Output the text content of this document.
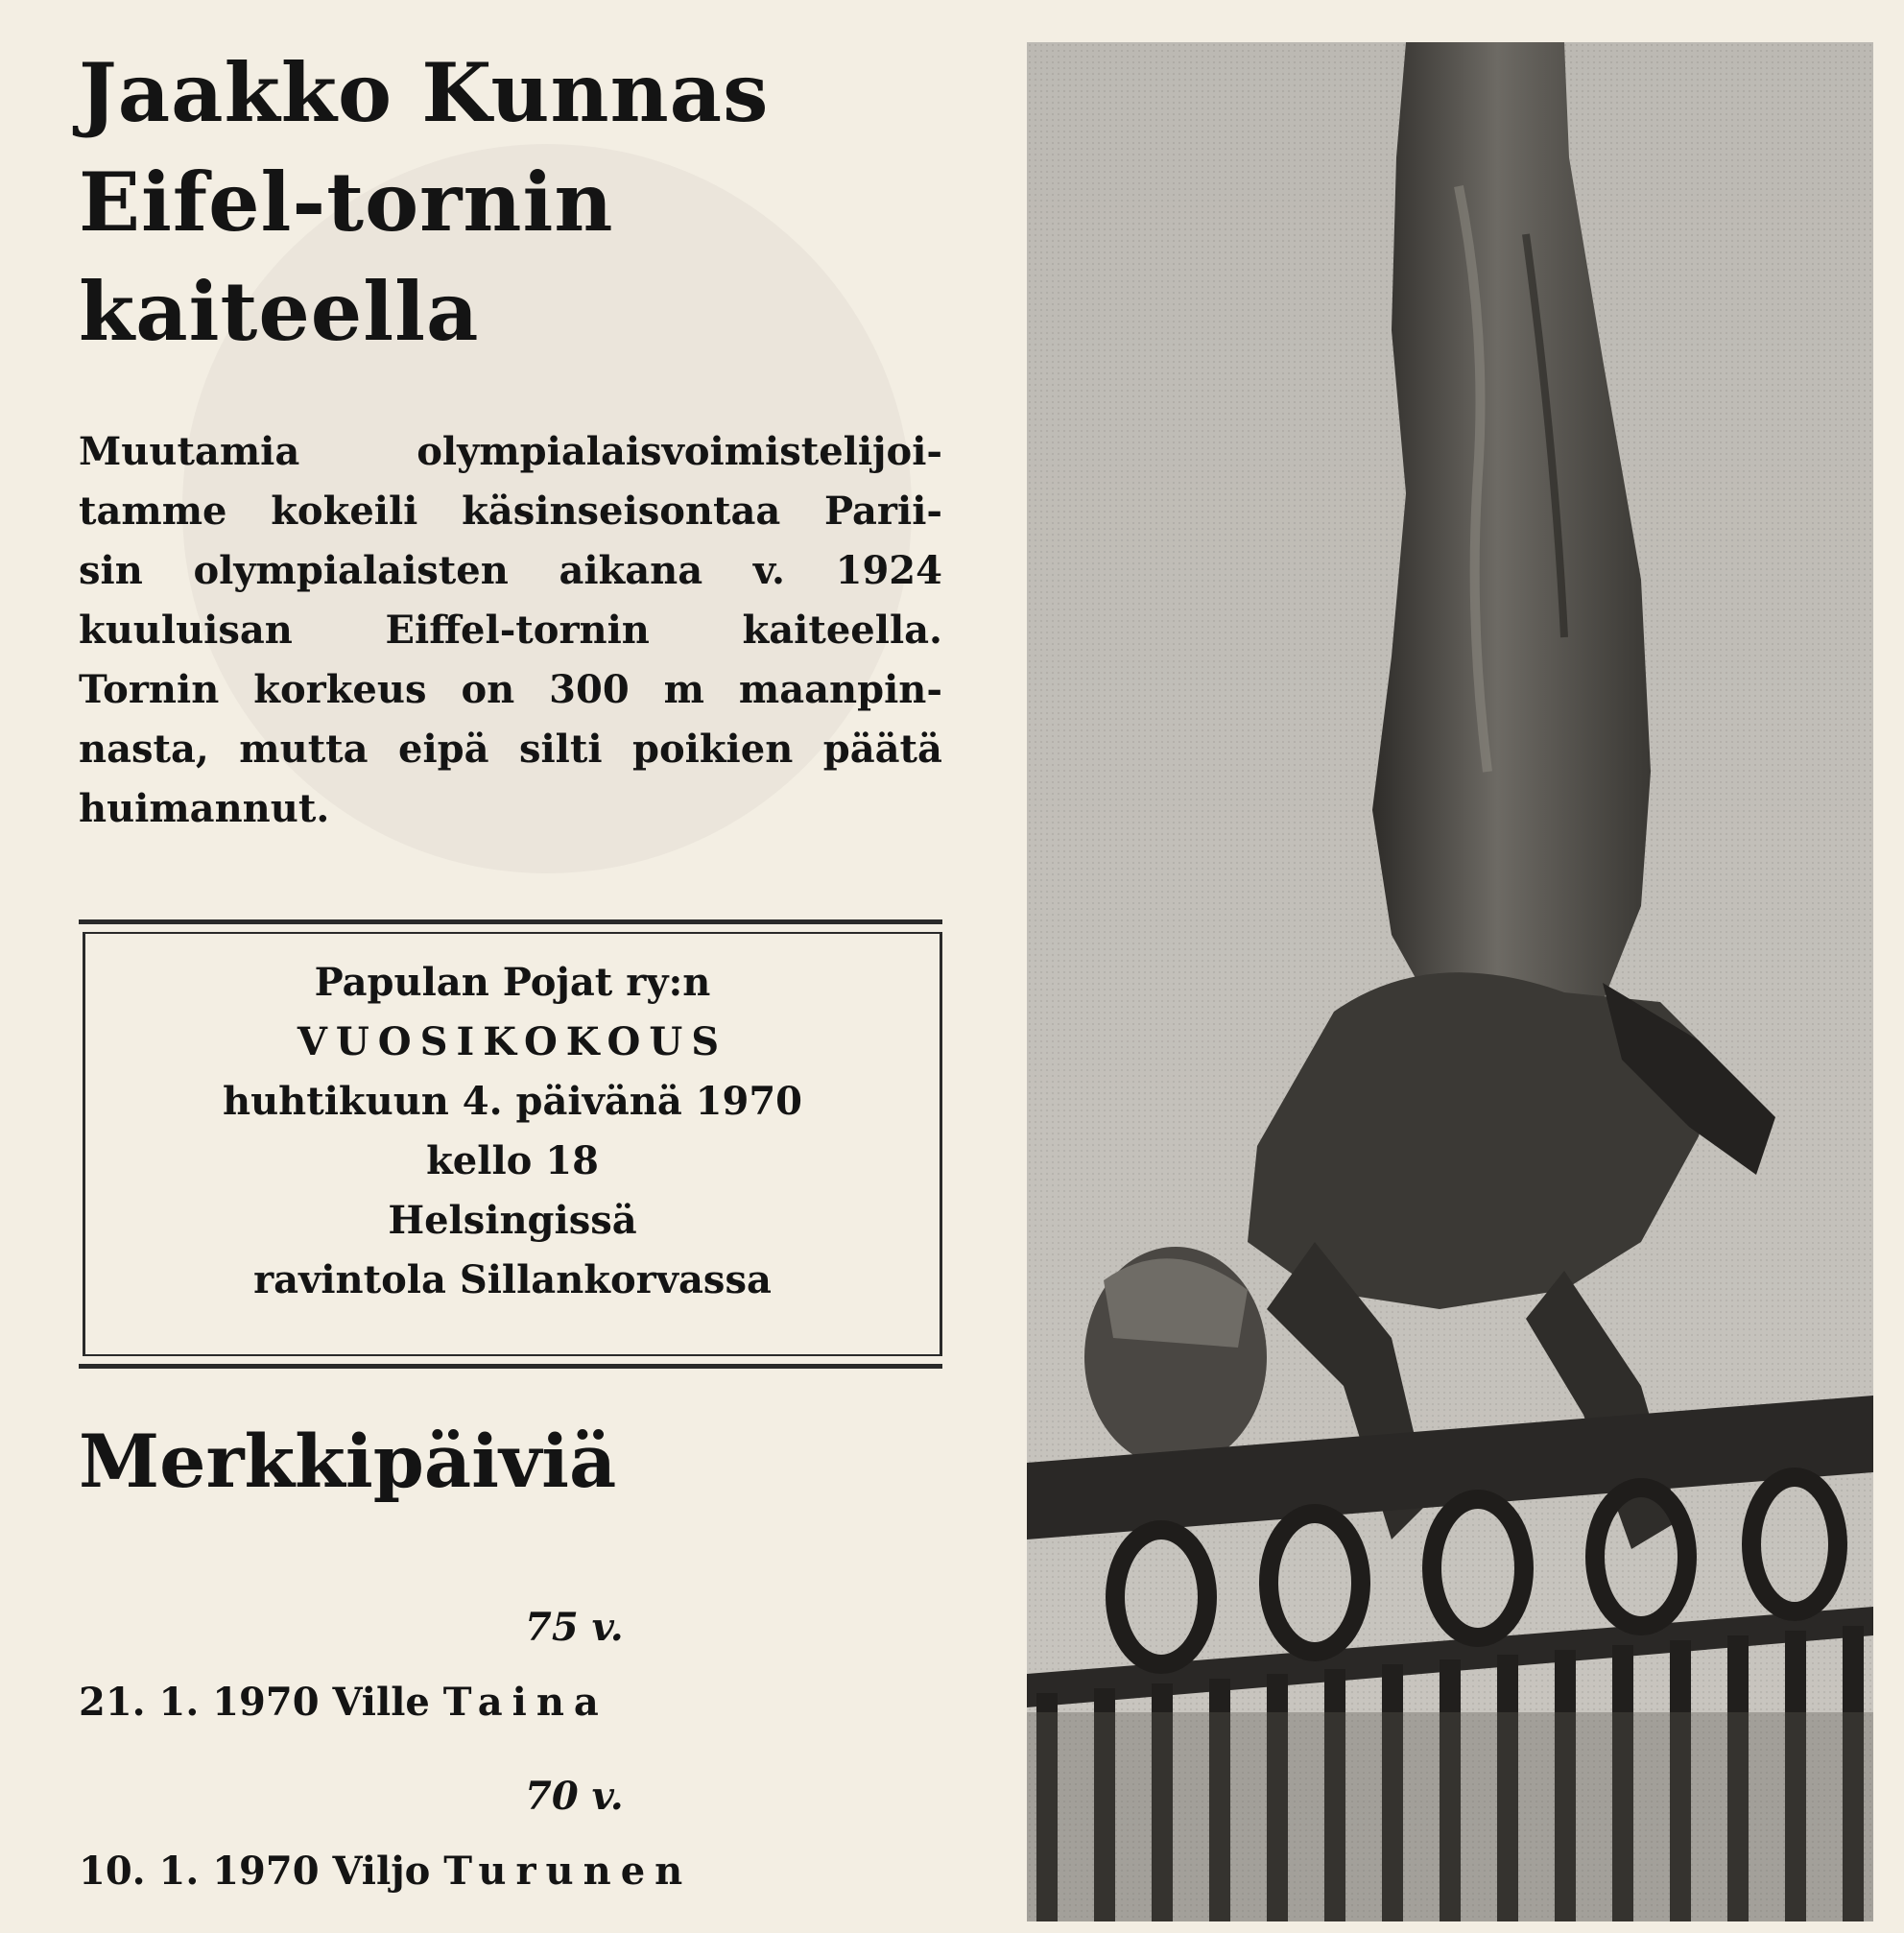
Jaakko Kunnas
Eifel-tornin
kaiteella
Muutamia	olympialaisvoimistelijoi-
tamme kokeili käsinseisontaa Parii-
sin olympialaisten aikana v. 1924
kuuluisan Eiffel-tornin kaiteella.
Tornin korkeus on 300 m maanpin-
nasta, mutta eipä silti poikien päätä
huimannut.
Papulan Pojat ry:n
VUOSIKOKOUS
huhtikuun 4. päivänä 1970
kello 18
Helsingissä
ravintola Sillankorvassa
Merkkipäiviä
75 v.
21. 1. 1970 Ville Taina
70 v.
10. 1. 1970 Viljo Turunen
